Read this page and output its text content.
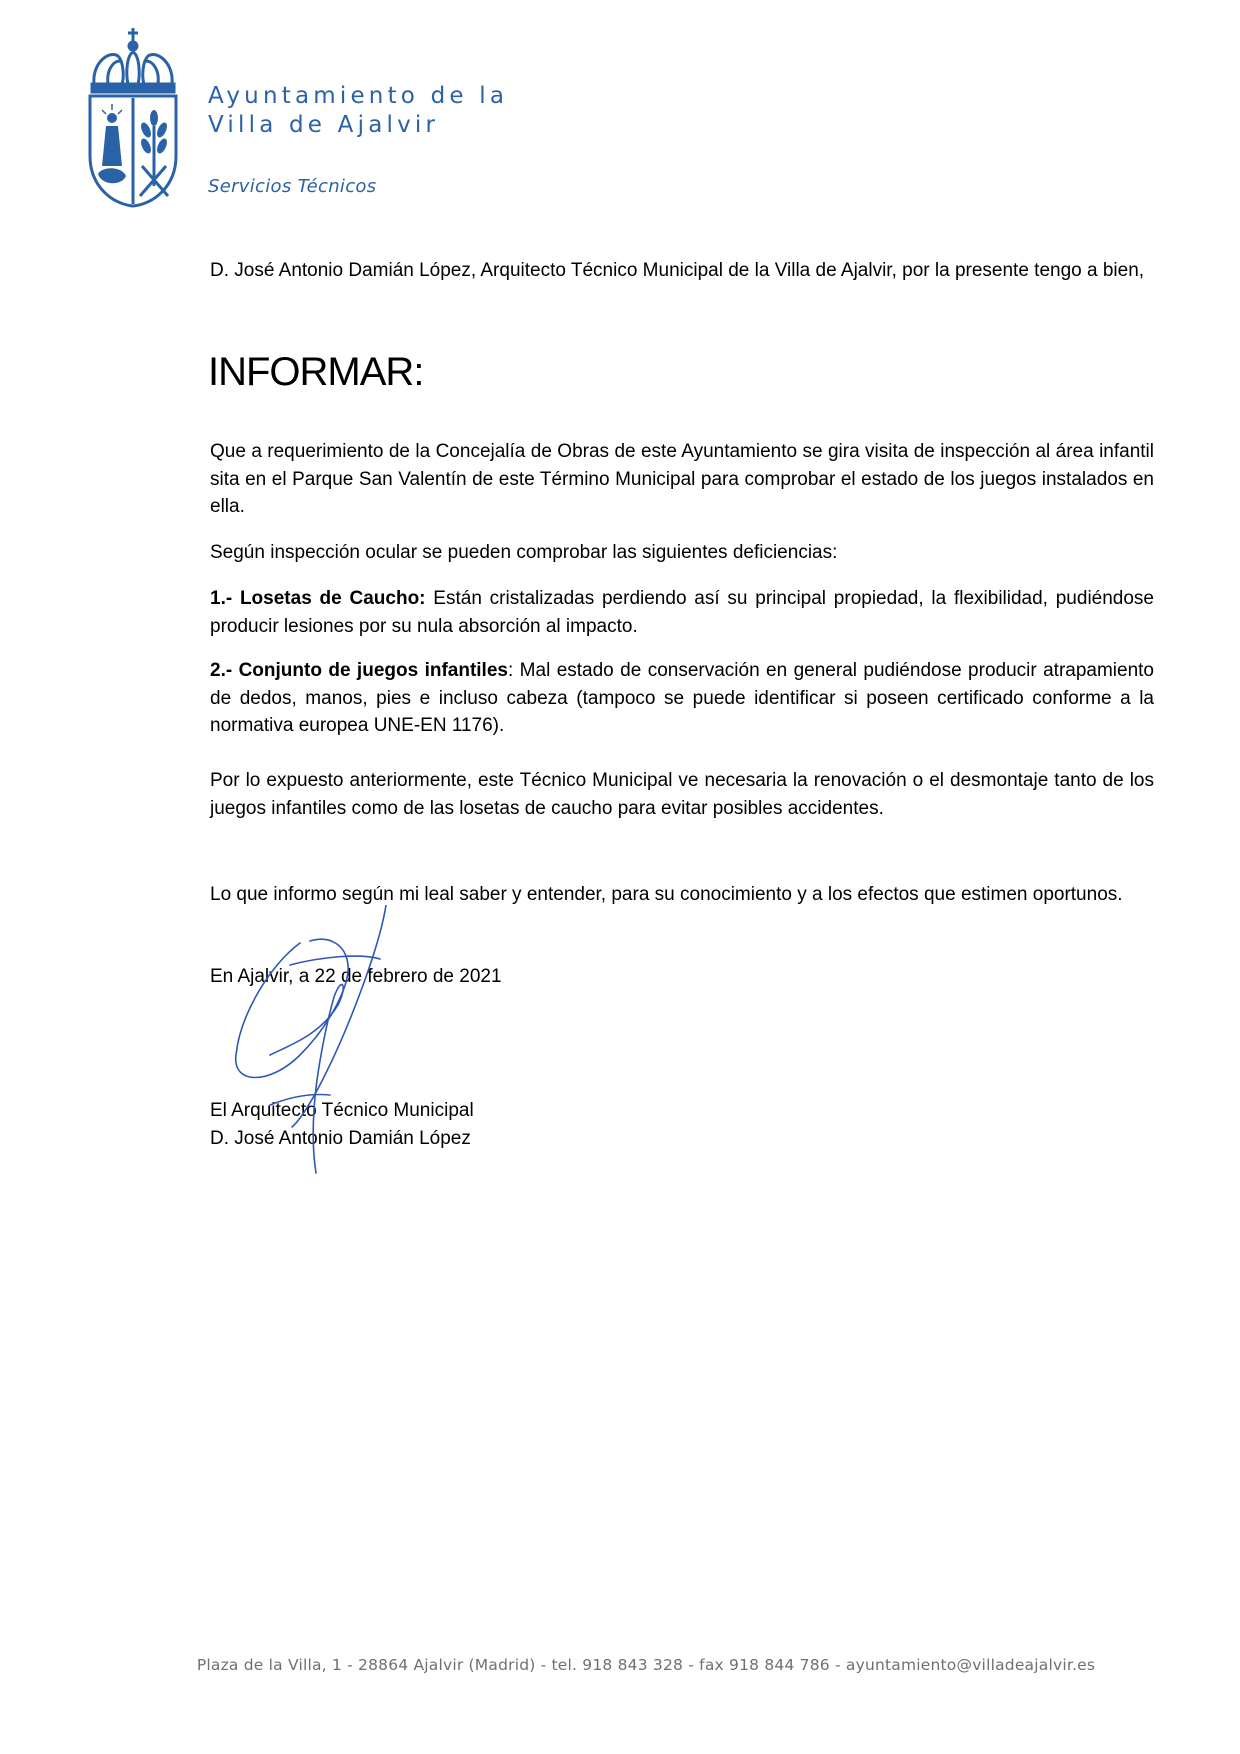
Ayuntamiento de la
Villa de Ajalvir
Servicios Técnicos

D. José Antonio Damián López, Arquitecto Técnico Municipal de la Villa de Ajalvir, por la presente tengo a bien,

INFORMAR:

Que a requerimiento de la Concejalía de Obras de este Ayuntamiento se gira visita de inspección al área infantil sita en el Parque San Valentín de este Término Municipal para comprobar el estado de los juegos instalados en ella.

Según inspección ocular se pueden comprobar las siguientes deficiencias:

1.- Losetas de Caucho: Están cristalizadas perdiendo así su principal propiedad, la flexibilidad, pudiéndose producir lesiones por su nula absorción al impacto.

2.- Conjunto de juegos infantiles: Mal estado de conservación en general pudiéndose producir atrapamiento de dedos, manos, pies e incluso cabeza (tampoco se puede identificar si poseen certificado conforme a la normativa europea UNE-EN 1176).

Por lo expuesto anteriormente, este Técnico Municipal ve necesaria la renovación o el desmontaje tanto de los juegos infantiles como de las losetas de caucho para evitar posibles accidentes.

Lo que informo según mi leal saber y entender, para su conocimiento y a los efectos que estimen oportunos.

En Ajalvir, a 22 de febrero de 2021

El Arquitecto Técnico Municipal
D. José Antonio Damián López
Plaza de la Villa, 1 - 28864 Ajalvir (Madrid) - tel. 918 843 328 - fax 918 844 786 - ayuntamiento@villadeajalvir.es
